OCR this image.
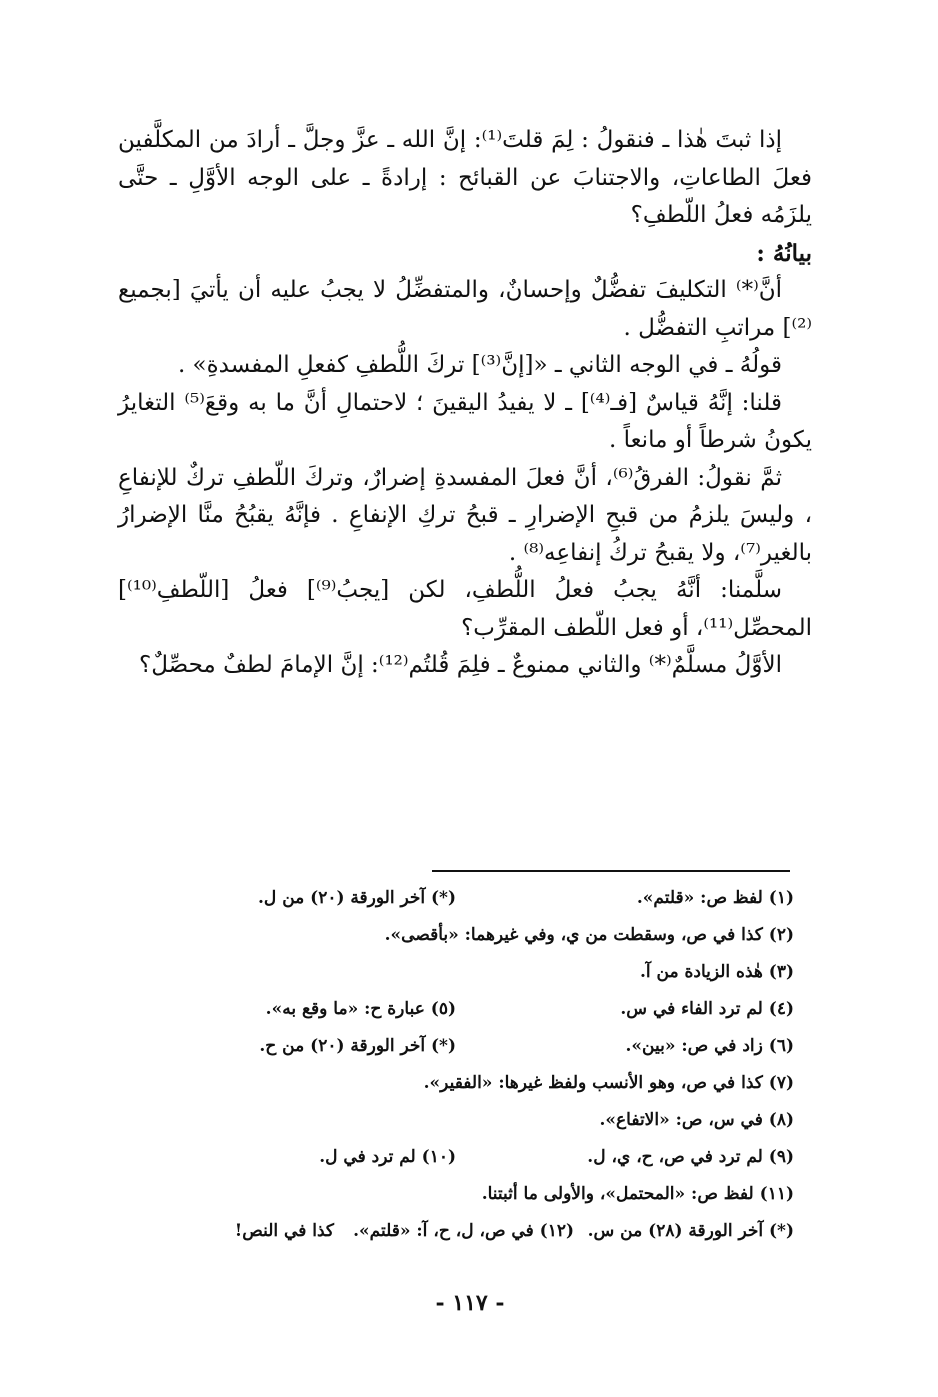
إذا ثبتَ هٰذا ـ فنقولُ : لِمَ قلتَ⁽¹⁾: إنَّ الله ـ عزَّ وجلَّ ـ أرادَ من المكلَّفين فعلَ الطاعاتِ، والاجتنابَ عن القبائح : إرادةً ـ على الوجه الأوَّلِ ـ حتَّى يلزَمُه فعلُ اللّطفِ؟

بيانُهُ :

أنَّ⁽*⁾ التكليفَ تفضُّلٌ وإحسانٌ، والمتفضِّلُ لا يجبُ عليه أن يأتيَ [بجميع ⁽²⁾] مراتبِ التفضُّل .

قولُهُ ـ في الوجه الثاني ـ «[إنَّ⁽³⁾] تركَ اللُّطفِ كفعلِ المفسدةِ» .

قلنا: إنَّهُ قياسٌ [فـ⁽⁴⁾] ـ لا يفيدُ اليقينَ ؛ لاحتمالِ أنَّ ما به وقعَ⁽⁵⁾ التغايرُ يكونُ شرطاً أو مانعاً .

ثمَّ نقولُ: الفرقُ⁽⁶⁾، أنَّ فعلَ المفسدةِ إضرارٌ، وتركَ اللّطفِ تركٌ للإنفاعِ ، وليسَ يلزمُ من قبحِ الإضرارِ ـ قبحُ تركِ الإنفاعِ . فإنَّهُ يقبُحُ منَّا الإضرارُ بالغير⁽⁷⁾، ولا يقبحُ تركُ إنفاعِه⁽⁸⁾ .

سلَّمنا: أنَّهُ يجبُ فعلُ اللُّطفِ، لكن [يجبُ⁽⁹⁾] فعلُ [اللّطفِ⁽¹⁰⁾] المحصِّل⁽¹¹⁾، أو فعل اللّطف المقرِّب؟

الأوَّلُ مسلَّمٌ⁽*⁾ والثاني ممنوعٌ ـ فلِمَ قُلتُم⁽¹²⁾: إنَّ الإمامَ لطفٌ محصِّلٌ؟

(١) لفظ ص: «قلتم».
(*) آخر الورقة (٢٠) من ل.
(٢) كذا في ص، وسقطت من ي، وفي غيرهما: «بأقصى».
(٣) هٰذه الزيادة من آ.
(٤) لم ترد الفاء في س.
(٥) عبارة ح: «ما وقع به».
(٦) زاد في ص: «بين».
(*) آخر الورقة (٢٠) من ح.
(٧) كذا في ص، وهو الأنسب ولفظ غيرها: «الفقير».
(٨) في س، ص: «الاتفاع».
(٩) لم ترد في ص، ح، ي، ل.
(١٠) لم ترد في ل.
(١١) لفظ ص: «المحتمل»، والأولى ما أثبتنا.
(*) آخر الورقة (٢٨) من س.
(١٢) في ص، ل، ح، آ: «قلتم».
كذا في النص!
- ١١٧ -
